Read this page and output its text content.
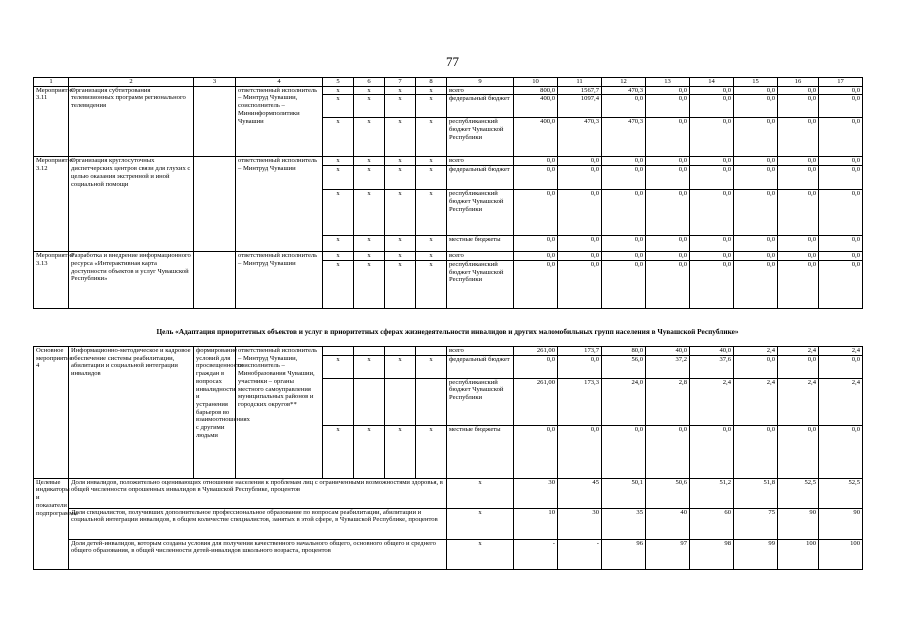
77
1	2	3	4	5	6	7	8	9	10	11	12	13	14	15	16	17
Мероприятие 3.11	Организация субтитрования телевизионных программ регионального телевидения		ответственный исполнитель – Минтруд Чувашии, соисполнитель – Мининформполитики Чувашии	x	x	x	x	всего	800,0	1567,7	470,3	0,0	0,0	0,0	0,0	0,0
				x	x	x	x	федеральный бюджет	400,0	1097,4	0,0	0,0	0,0	0,0	0,0	0,0
				x	x	x	x	республиканский бюджет Чувашской Республики	400,0	470,3	470,3	0,0	0,0	0,0	0,0	0,0
Мероприятие 3.12	Организация круглосуточных диспетчерских центров связи для глухих с целью оказания экстренной и иной социальной помощи		ответственный исполнитель – Минтруд Чувашии	x	x	x	x	всего	0,0	0,0	0,0	0,0	0,0	0,0	0,0	0,0
				x	x	x	x	федеральный бюджет	0,0	0,0	0,0	0,0	0,0	0,0	0,0	0,0
				x	x	x	x	республиканский бюджет Чувашской Республики	0,0	0,0	0,0	0,0	0,0	0,0	0,0	0,0
				x	x	x	x	местные бюджеты	0,0	0,0	0,0	0,0	0,0	0,0	0,0	0,0
Мероприятие 3.13	Разработка и внедрение информационного ресурса «Интерактивная карта доступности объектов и услуг Чувашской Республики»		ответственный исполнитель – Минтруд Чувашии	x	x	x	x	всего	0,0	0,0	0,0	0,0	0,0	0,0	0,0	0,0
				x	x	x	x	республиканский бюджет Чувашской Республики	0,0	0,0	0,0	0,0	0,0	0,0	0,0	0,0
Цель «Адаптация приоритетных объектов и услуг в приоритетных сферах жизнедеятельности инвалидов и других маломобильных групп населения в Чувашской Республике»
Основное мероприятие 4	Информационно-методическое и кадровое обеспечение системы реабилитации, абилитации и социальной интеграции инвалидов	формирование условий для просвещенности граждан в вопросах инвалидности и устранения барьеров во взаимоотношениях с другими людьми	ответственный исполнитель – Минтруд Чувашии, соисполнитель – Минобразования Чувашии, участники – органы местного самоуправления муниципальных районов и городских округов**					всего	261,00	173,7	80,0	40,0	40,0	2,4	2,4	2,4
				x	x	x	x	федеральный бюджет	0,0	0,0	56,0	37,2	37,6	0,0	0,0	0,0
								республиканский бюджет Чувашской Республики	261,00	173,3	24,0	2,8	2,4	2,4	2,4	2,4
				x	x	x	x	местные бюджеты	0,0	0,0	0,0	0,0	0,0	0,0	0,0	0,0
Целевые индикаторы и показатели подпрограммы	Доля инвалидов, положительно оценивающих отношение населения к проблемам лиц с ограниченными возможностями здоровья, в общей численности опрошенных инвалидов в Чувашской Республике, процентов							x	30	45	50,1	50,6	51,2	51,8	52,5	52,5
	Доля специалистов, получивших дополнительное профессиональное образование по вопросам реабилитации, абилитации и социальной интеграции инвалидов, в общем количестве специалистов, занятых в этой сфере, в Чувашской Республике, процентов							x	10	30	35	40	60	75	90	90
	Доля детей-инвалидов, которым созданы условия для получения качественного начального общего, основного общего и среднего общего образования, в общей численности детей-инвалидов школьного возраста, процентов							x	-	-	96	97	98	99	100	100
